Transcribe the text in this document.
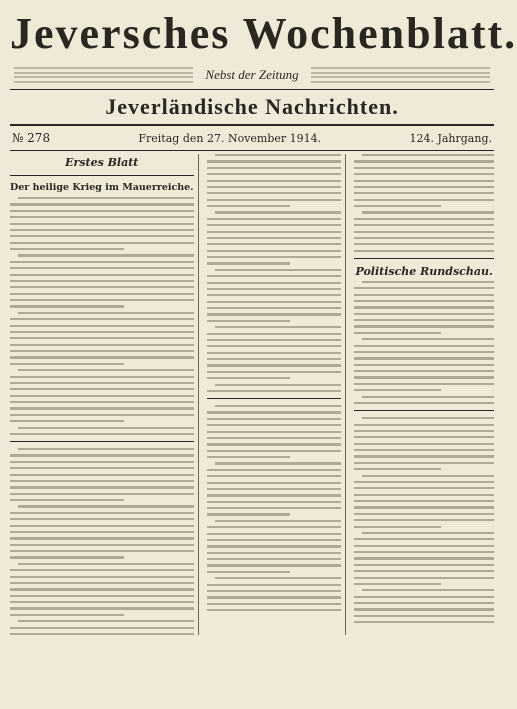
Jeversches Wochenblatt.
Nebst der Zeitung
Jeverländische Nachrichten.
№ 278	Freitag den 27. November 1914.	124. Jahrgang.
Erstes Blatt
Der heilige Krieg im Mauerreiche.
Politische Rundschau.
